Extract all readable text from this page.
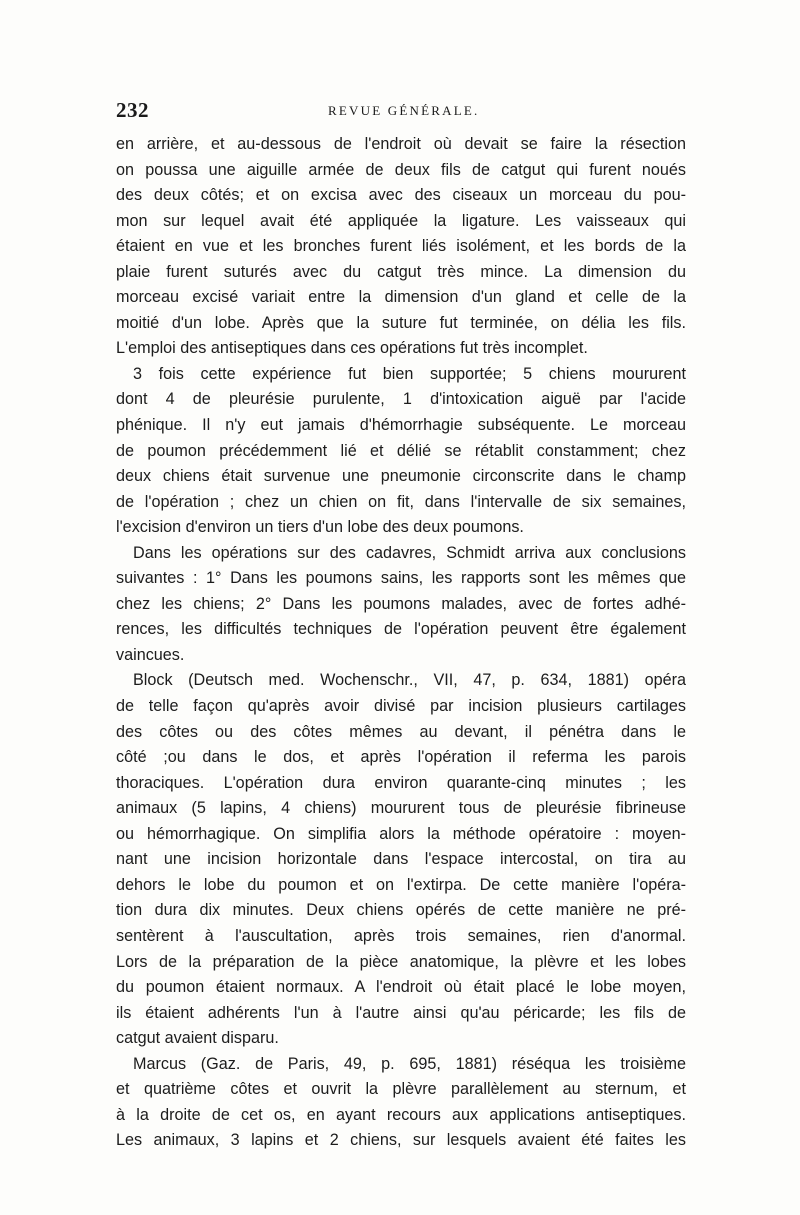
232	REVUE GÉNÉRALE.
en arrière, et au-dessous de l'endroit où devait se faire la résection
on poussa une aiguille armée de deux fils de catgut qui furent noués
des deux côtés; et on excisa avec des ciseaux un morceau du pou-
mon sur lequel avait été appliquée la ligature. Les vaisseaux qui
étaient en vue et les bronches furent liés isolément, et les bords de la
plaie furent suturés avec du catgut très mince. La dimension du
morceau excisé variait entre la dimension d'un gland et celle de la
moitié d'un lobe. Après que la suture fut terminée, on délia les fils.
L'emploi des antiseptiques dans ces opérations fut très incomplet.
3 fois cette expérience fut bien supportée; 5 chiens moururent
dont 4 de pleurésie purulente, 1 d'intoxication aiguë par l'acide
phénique. Il n'y eut jamais d'hémorrhagie subséquente. Le morceau
de poumon précédemment lié et délié se rétablit constamment; chez
deux chiens était survenue une pneumonie circonscrite dans le champ
de l'opération ; chez un chien on fit, dans l'intervalle de six semaines,
l'excision d'environ un tiers d'un lobe des deux poumons.
Dans les opérations sur des cadavres, Schmidt arriva aux conclusions
suivantes : 1° Dans les poumons sains, les rapports sont les mêmes que
chez les chiens; 2° Dans les poumons malades, avec de fortes adhé-
rences, les difficultés techniques de l'opération peuvent être également
vaincues.
Block (Deutsch med. Wochenschr., VII, 47, p. 634, 1881) opéra
de telle façon qu'après avoir divisé par incision plusieurs cartilages
des côtes ou des côtes mêmes au devant, il pénétra dans le
côté ;ou dans le dos, et après l'opération il referma les parois
thoraciques. L'opération dura environ quarante-cinq minutes ; les
animaux (5 lapins, 4 chiens) moururent tous de pleurésie fibrineuse
ou hémorrhagique. On simplifia alors la méthode opératoire : moyen-
nant une incision horizontale dans l'espace intercostal, on tira au
dehors le lobe du poumon et on l'extirpa. De cette manière l'opéra-
tion dura dix minutes. Deux chiens opérés de cette manière ne pré-
sentèrent à l'auscultation, après trois semaines, rien d'anormal.
Lors de la préparation de la pièce anatomique, la plèvre et les lobes
du poumon étaient normaux. A l'endroit où était placé le lobe moyen,
ils étaient adhérents l'un à l'autre ainsi qu'au péricarde; les fils de
catgut avaient disparu.
Marcus (Gaz. de Paris, 49, p. 695, 1881) réséqua les troisième
et quatrième côtes et ouvrit la plèvre parallèlement au sternum, et
à la droite de cet os, en ayant recours aux applications antiseptiques.
Les animaux, 3 lapins et 2 chiens, sur lesquels avaient été faites les
